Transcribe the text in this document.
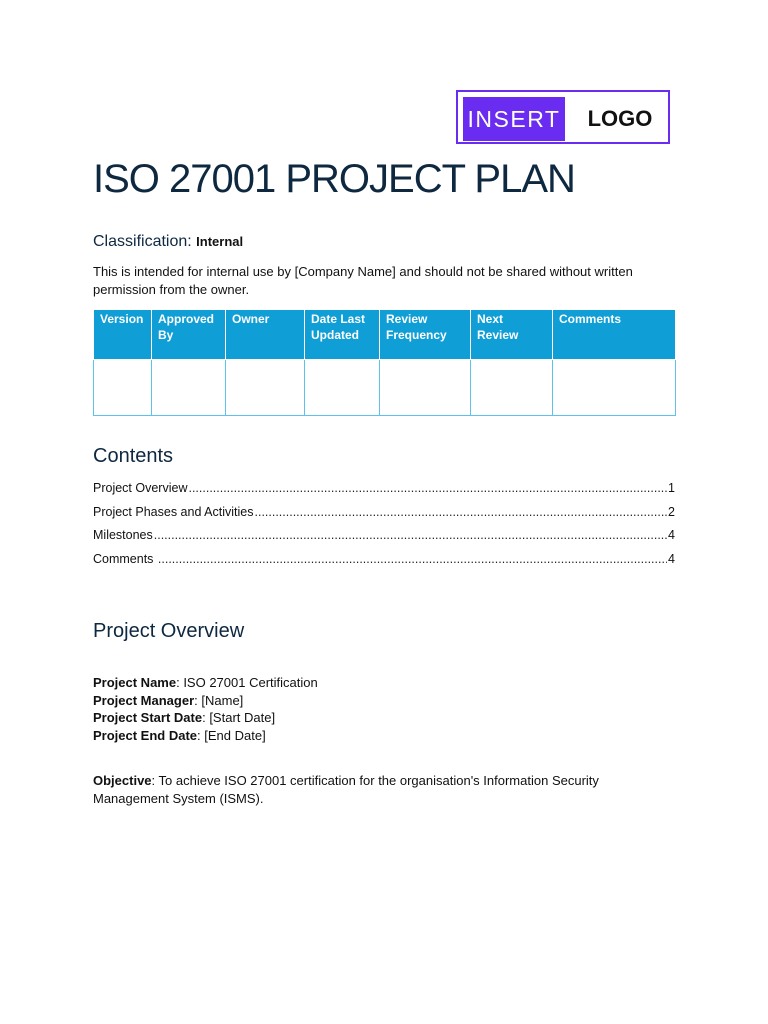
INSERT	LOGO
ISO 27001 PROJECT PLAN
Classification: Internal
This is intended for internal use by [Company Name] and should not be shared without written permission from the owner.
Version	Approved By	Owner	Date Last Updated	Review Frequency	Next Review	Comments

Contents
Project Overview .....	1
Project Phases and Activities .....	2
Milestones .....	4
Comments .....	4
Project Overview
Project Name: ISO 27001 Certification
Project Manager: [Name]
Project Start Date: [Start Date]
Project End Date: [End Date]
Objective: To achieve ISO 27001 certification for the organisation's Information Security Management System (ISMS).
